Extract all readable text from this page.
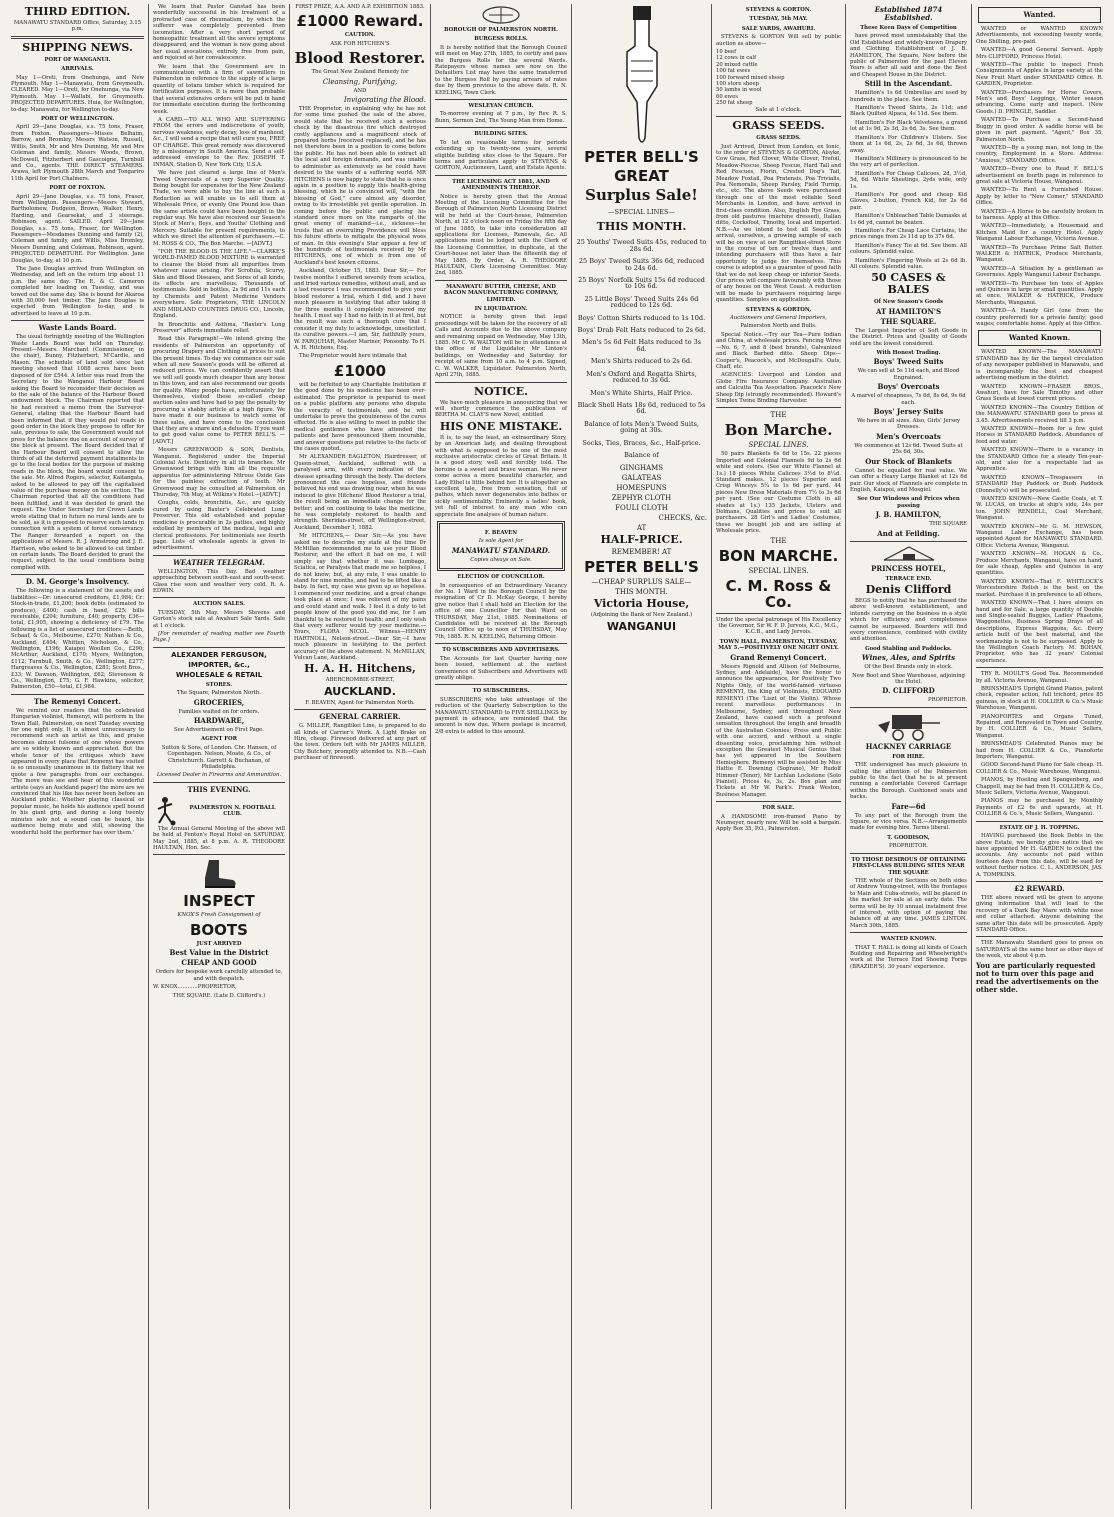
THIRD EDITION.

MANAWATU STANDARD Office, Saturday, 3.15 p.m.

SHIPPING NEWS.
PORT OF WANGANUI.
ARRIVALS.

May 1—Oreti, from Onehunga, and New Plymouth. May 1—Manawatu, from Greymouth. CLEARED. May 1—Oreti, for Onehunga, via New Plymouth. May 1—Wallabi, for Greymouth. PROJECTED DEPARTURES. Huia, for Wellington, to-day. Manawatu, for Wellington to-day.

PORT OF WELLINGTON.

April 29—Jane Douglas, s.s. 75 tons, Fraser, from Foxton. Passengers—Misses Belhaim, Barrow, and Bromley, Messrs Watson, Russell, Willis, Smith, Mr and Mrs Dunning, Mr and Mrs Coleman and family, Messrs Woods, Brown, McDowell, Fitzherbert and Gascoigne, Turnbull and Co., agents. THE DIRECT STEAMERS. Arawa, left Plymouth 28th March and Tongariro 11th April for Port Chalmers.

PORT OF FOXTON.

April 29—Jane Douglas, s.s. 75 tons, Fraser, from Wellington. Passengers—Messrs Stewart, Bartholomew, Dudgeon, Brown, Walker, Henry, Harding, and Gearsekat, and 3 steerage. Robinson, agent. SAILED. April 29—Jane Douglas, s.s. 75 tons, Fraser, for Wellington. Passengers—Mesdames Dunning and family (2), Coleman and family, and Willis, Miss Bromley, Messrs Dunning, and Coleman. Robinson, agent. PROJECTED DEPARTURE. For Wellington. Jane Douglas, to-day, at 10 p.m.

The Jane Douglas arrived from Wellington on Wednesday, and left on the return trip about 11 p.m. the same day. The E. & C. Cameron completed her loading on Tuesday, and was towed out the same day. She is bound for Akaroa with 30,000 feet timber. The Jane Douglas is expected from Wellington to-day, and is advertised to leave at 10 p.m.

Waste Lands Board.

The usual fortnightly meeting of the Wellington Waste Lands Board was held on Thursday. Present—Messrs. Marchant (Commissioner, in the chair), Bunny, Fitzherbert, M'Cardle, and Mason. The schedule of land sold since last meeting showed that 1088 acres have been disposed of for £544. A letter was read from the Secretary to the Wanganui Harbour Board asking the Board to reconsider their decision as to the sale of the balance of the Harbour Board endowment block. The Chairman reported that he had received a memo from the Surveyor-General, stating that the Harbour Board had been informed that if they would put roads in good order in the block they propose to offer for sale, previous to sale, the Government would not press for the balance due on account of survey of the block at present. The Board decided that if the Harbour Board will consent to allow the thirds of all the deferred payment instalments to go to the local bodies for the purpose of making roads in the block, the board would consent to the sale. Mr. Alfred Rogers, selector, Kaitangata, asked to be allowed to pay off the capitalised value of the purchase money on his section. The Chairman reported that all the conditions had been fulfilled, and it was decided to grant the request. The Under Secretary for Crown Lands wrote stating that in future no rural lands are to be sold, as it is proposed to reserve such lands in connection with a system of forest conservancy. The Ranger forwarded a report on the applications of Messrs. R. J. Armstrong and J. E. Harrison, who asked to be allowed to cut timber on certain lands. The Board decided to grant the request, subject to the usual conditions being complied with.

D. M. George's Insolvency.

The following is a statement of the assets and liabilities:—Dr: unsecured creditors, £1,984; Cr: Stock-in-trade, £1,200; book debts (estimated to produce), £400; cash in hand, £25; bills receivable, £204; furniture, £40; property, £36—total, £1,905, showing a deficiency of £79. The following is a list of unsecured creditors:—Beith, Schaaf, & Co., Melbourne, £270; Nathan & Co., Auckland, £404; Whitten, Nicholson, & Co., Wellington, £196; Kaiapoi Woollen Co., £290; McArthur, Auckland, £170; Myers, Wellington, £112; Turnbull, Smith, & Co., Wellington, £277; Hargreaves & Co., Wellington, £281; Scott Bros., £33; W. Dawson, Wellington, £62; Stevenson & Co., Wellington, £75; G. F. Hawkins, solicitor, Palmerston, £50—total, £1,984.

The Remenyi Concert.

We remind our readers that the celebrated Hungarian violinist, Remenyi, will perform in the Town Hall, Palmerston, on next Tuesday evening for one night only. It is almost unnecessary to recommend such an artist as this, and praise becomes almost fulsome of one whose powers are so widely known and appreciated. But the whole tenor of the critiques which have appeared in every place that Remenyi has visited is so unusually unanimous in its flattery that we quote a few paragraphs from our exchanges. 'The move was see and hear of this wonderful artiste (says an Auckland paper) the more are we convinced that his like has never been before an Auckland public. Whether playing classical or popular music, he holds his audience spell bound in his giant grip, and during a long twenty minutes solo not a sound can be heard, his audience being mute and still, showing the wonderful hold the performer has over them.'

We learn that Pastor Ganstad has been wonderfully successful in his treatment of a protracted case of rheumatism, by which the sufferer was completely prevented from locomotion. After a very short period of homeopathic treatment all the severe symptoms disappeared, and the woman is now going about her usual avocations, entirely free from pain, and rejoiced at her convalescence.

We learn that the Government are in communication with a firm of sawmillers in Palmerston in reference to the supply of a large quantity of totara timber which is required for fortification purposes. It is more than probable that several extensive orders will be put in hand for immediate execution during the forthcoming week.

A CARD.—TO ALL WHO ARE SUFFERING FROM the errors and indiscretions of youth, nervous weakness, early decay, loss of manhood, &c., I will send a recipe that will cure you, FREE OF CHARGE. This great remedy was discovered by a missionary in South America. Send a self-addressed envelope to the Rev. JOSEPH T. INMAN, Station D, New York City, U.S.A.

We have just cleared a large line of Men's Tweed Overcoats of a very Superior Quality. Being bought for expensive for the New Zealand Trade, we were able to buy the line at such a Reduction as will enable us to sell them at Wholesale Price, or evenly One Pound less than the same article could have been bought in the regular way. We have also received our Season's Stock of Men's, Boys, and Youths' Clothing and Mercery. Suitable for present requirements, to which we direct the attention of purchasers.—C. M. ROSS & CO., The Bon Marche. —[ADVT.]

"FOR THE BLOOD IS THE LIFE."—CLARKE'S WORLD-FAMED BLOOD MIXTURE is warranted to cleanse the blood from all impurities from whatever cause arising. For Scrofula, Scurvy, Skin and Blood Diseases, and Sores of all kinds, its effects are marvellous. Thousands of testimonials. Sold in bottles, 2s 9d and 11s each by Chemists and Patent Medicine Vendors everywhere. Sole Proprietors, THE LINCOLN AND MIDLAND COUNTIES DRUG CO., Lincoln, England.

In Bronchitis and Asthma, "Baxter's Lung Preserver" affords immediate relief.

Read this Paragraph!—We intend giving the residents of Palmerston an opportunity of procuring Drapery and Clothing at prices to suit the present times. To-day we commence our sale when all new Season's goods will be offered at reduced prices. We can confidently assert that we will sell goods much cheaper than any house in this town, and can also recommend our goods for quality. Many people have, unfortunately for themselves, visited these so-called cheap auction sales and have had to pay the penalty by procuring a shabby article at a high figure. We have made it our business to watch some of these sales, and have come to the conclusion that they are a snare and a delusion. If you want to get good value come to PETER BELL'S. —[ADVT.]

Messrs GREENWOOD & SON, Dentists, Wanganui. Registered under the Imperial Colonial Acts. Dentistry in all its branches. Mr Greenwood brings with him all the requisite apparatus for administering Nitrous Oxide Gas for the painless extraction of teeth. Mr Greenwood may be consulted at Palmerston on Thursday, 7th May, at Wilkins's Hotel.—[ADVT.]

Coughs, colds, bronchitis, &c., are quickly cured by using Baxter's Celebrated Lung Preserver. This old established and popular medicine is procurable in 2s patties, and highly extolled by members of the medical, legal and clerical professions. For testimonials see fourth page. Lists of wholesale agents is given in advertisement.

WEATHER TELEGRAM.

WELLINGTON, This Day. Bad weather approaching between south-east and south-west. Glass rise soon and weather very cold. R. A. EDWIN.

AUCTION SALES.

TUESDAY, 5th May. Messrs Stevens and Gorton's stock sale at Awahuri Sale Yards. Sale at 1 o'clock.

[For remainder of reading matter see Fourth Page.]

ALEXANDER FERGUSON,
IMPORTER, &c.,
WHOLESALE & RETAIL
STORES.

The Square, Palmerston North.

GROCERIES,

Families waited on for orders.

HARDWARE,

See Advertisement on First Page.

AGENT FOR

Sutton & Sons, of London. Chr. Hansen, of Copenhagen. Nelson, Moate, & Co., of Christchurch. Garrett & Buchanan, of Philadelphia.

Licensed Dealer in Firearms and Ammunition.

THIS EVENING.
PALMERSTON N. FOOTBALL CLUB.

The Annual General Meeting of the above will be held at Fenton's Royal Hotel on SATURDAY, May 2nd, 1885, at 8 p.m. A. R. THEODORE HAULTAIN, Hon. Sec.

INSPECT

KNOX'S Fresh Consignment of

BOOTS
JUST ARRIVED
Best Value in the District
CHEAP AND GOOD

Orders for bespoke work carefully attended to, and with despatch.

W. KNOX............PROPRIETOR,

THE SQUARE. (Late D. Clifford's.)

FIRST PRIZE, A.A. AND A.P. EXHIBITION 1883.

£1000 Reward.
CAUTION.

ASK FOR HITCHEN'S

Blood Restorer.

The Great New Zealand Remedy for

Cleansing, Purifying,

AND

Invigorating the Blood.

THE Proprietor, in explaining why he has not for some time pushed the sale of the above, would state that he received such a serious check by the disastrous fire which destroyed costly appliances and a magnificent stock of prepared herbs (received replaced), and he has not therefore been in a position to come before the public. He has not been able to extract all the local and foreign demands, and was unable to administer as extensively as he could have desired to the wants of a suffering world. MR HITCHENS is now happy to state that he is once again in a position to supply this health-giving blessing, which he is convinced will, "with the blessing of God," cure almost any disorder, owing to its irresistible yet gentle operation. In coming before the public and placing his standard once more on the ramparts of the great enemy of mankind—i.e., sickness—he trusts that an overruling Providence will bless his future efforts to mitigate the physical woes of man. In this evening's Star appear a few of the hundreds of testimonials received by Mr HITCHENS, one of which is from one of Auckland's best known citizens.

Auckland, October 15, 1883. Dear Sir,— For twelve months I suffered severely from sciatica, and tried various remedies, without avail, and as a last resource I was recommended to give your blood restorer a trial, which I did, and I have much pleasure in testifying that after taking it for three months it completely recovered my health. I must say I had no faith in it at first, but the result was such a thorough cure that I consider it my duty to acknowledge, unsolicited, its curative powers.—I am, Sir, faithfully yours, W. FARQUHAR, Master Mariner, Ponsonby. To H. A. H. Hitchens, Esq.

The Proprietor would here intimate that

£1000

will be forfeited to any Charitable Institution if the good done by his medicine has been over-estimated. The proprietor is prepared to meet on a public platform any persons who dispute the veracity of testimonials, and he will undertake to prove the genuineness of the cures effected. He is also willing to meet in public the medical gentlemen who have attended the patients and have pronounced them incurable, and answer questions put relative to the facts of the cases quoted.

Mr ALEXANDER EAGLETON, Hairdresser, of Queen-street, Auckland, suffered with a paralysed arm, with every indication of the disease spreading through the body. The doctors pronounced the case hopeless, and friends believed his end was drawing near, when he was induced to give Hitchens' Blood Restorer a trial, the result being an immediate change for the better; and on continuing to take the medicine, he was completely restored to health and strength. Sheridan-street, off Wellington-street, Auckland, December 1, 1882.

Mr HITCHENS,— Dear Sir,—As you have asked me to describe my state at the time Dr McMillan recommended me to use your Blood Restorer, and the effect it had on me, I will simply say that whether it was Lumbago, Sciatica, or Paralysis that made me so helpless, I do not know; but, at any rate, I was unable to stand for nine months, and had to be lifted like a baby. In fact, my case was given up as hopeless. I commenced your medicine, and a great change took place at once; I was relieved of my pains and could stand and walk. I feel it a duty to let people know of the good you did me, for I am thankful to be restored to health; and I only wish that every sufferer would try your medicine.—Yours, FLORA NICOL. Witness—HENRY HARTNOLL, Nelson-street.—Dear Sir,—I have much pleasure in testifying to the perfect accuracy of the above statement. N. McMILLAN, Vulcan Lane, Auckland.

H. A. H. Hitchens,

ABERCROMBIE-STREET,

AUCKLAND.

F. BEAVEN, Agent for Palmerston North.

GENERAL CARRIER.

G. MILLER, Rangitikei Line, is prepared to do all kinds of Carrier's Work. A Light Brake on Hire, cheap. Firewood delivered at any part of the town. Orders left with Mr JAMES MILLER, City Butchery, promptly attended to. N.B.—Cash purchaser of firewood.

BOROUGH OF PALMERSTON NORTH.
BURGESS ROLLS.

It is hereby notified that the Borough Council will meet on May 27th, 1885, to certify and pass the Burgess Rolls for the several Wards. Ratepayers whose names are now on the Defaulters List may have the same transferred to the Burgess Roll by paying arrears of rates due by them previous to the above date. R. N. KEELING, Town Clerk.

WESLEYAN CHURCH.

To-morrow evening at 7 p.m., by Rev. R. S. Bunn, Sermon 2nd, The Young Man from Home.

BUILDING SITES.

To let on reasonable terms for periods extending up to twenty-one years, several eligible building sites close to the Square. For terms and particulars apply to STEVENS & GORTON, Auctioneers, Land, and Estate Agents.

THE LICENSING ACT 1881, AND AMENDMENTS THEREOF.

Notice is hereby given that the Annual Meeting of the Licensing Committee for the Borough of Palmerston North Licensing District will be held at the Court-house, Palmerston North, at 12 o'clock noon on Friday the fifth day of June 1885, to take into consideration all applications for Licenses, Renewals, &c. All applications must be lodged with the Clerk of the Licensing Committee, in duplicate, at the Court-house not later than the fifteenth day of May 1885. By Order, A. R. THEODORE HAULTAIN, Clerk Licensing Committee. May 2nd, 1885.

MANAWATU BUTTER, CHEESE, AND BACON MANUFACTURING COMPANY, LIMITED.
IN LIQUIDATION.

NOTICE is hereby given that legal proceedings will be taken for the recovery of all Calls and Accounts due to the above company and remaining unpaid on Wednesday, May 13th, 1885. Mr C. W. WALTON will be in attendance at the office of the Liquidator, Mr Linton's buildings, on Wednesday and Saturday for receipt of same from 10 a.m. to 4 p.m. Signed, C. W. WALKER, Liquidator. Palmerston North, April 27th, 1885.

NOTICE.

We have much pleasure in announcing that we will shortly commence the publication of BERTHA M. CLAY'S new Novel, entitled

HIS ONE MISTAKE.

It is, to say the least, an extraordinary Story, by an American lady, and dealing throughout with what is supposed to be one of the most exclusive aristocratic circles of Great Britain. It is a good story, well and forcibly told. The heroine is a sweet and brave woman. We never come across a more beautiful character, and Lady Ethel is little behind her. It is altogether an excellent tale, free from sensation, full of pathos, which never degenerates into bathos or sickly sentimentality. Eminently a ladies' book, yet full of interest to any man who can appreciate fine analyses of human nature.

F. BEAVEN

Is sole Agent for

MANAWATU STANDARD.

Copies always on Sale.

ELECTION OF COUNCILLOR.

In consequence of an Extraordinary Vacancy for No. 1 Ward in the Borough Council by the resignation of Cr D. McKay George, I hereby give notice that I shall hold an Election for the office of one Councillor for that Ward on THURSDAY, May 21st, 1885. Nominations of Candidates will be received at the Borough Council Office up to noon of THURSDAY, May 7th, 1885. R. N. KEELING, Returning Officer.

TO SUBSCRIBERS AND ADVERTISERS.

The Accounts for last Quarter having now been issued, settlement at the earliest convenience of Subscribers and Advertisers will greatly oblige.

TO SUBSCRIBERS.

SUBSCRIBERS who take advantage of the reduction of the Quarterly Subscription to the MANAWATU STANDARD to FIVE SHILLINGS by payment in advance, are reminded that the amount is now due. Where postage is incurred, 2/8 extra is added to this amount.

PETER BELL'S
GREAT
Surplus Sale!
—SPECIAL LINES—
THIS MONTH.
25 Youths' Tweed Suits 45s, reduced to 28s 6d.
25 Boys' Tweed Suits 36s 6d, reduced to 24s 6d.
25 Boys' Norfolk Suits 15s 6d reduced to 10s 6d.
25 Little Boys' Tweed Suits 24s 6d reduced to 12s 6d.
Boys' Cotton Shirts reduced to 1s 10d.
Boys' Drab Felt Hats reduced to 2s 6d.
Men's 5s 6d Felt Hats reduced to 3s 6d.
Men's Shirts reduced to 2s 6d.
Men's Oxford and Regatta Shirts, reduced to 3s 6d.
Men's White Shirts, Half Price.
Black Shell Hats 18s 6d, reduced to 5s 6d.
Balance of lots Men's Tweed Suits, going at 30s.
Socks, Ties, Braces, &c., Half-price.
Balance of
GINGHAMS
GALATEAS
HOMESPUNS
ZEPHYR CLOTH
FOULI CLOTH
CHECKS, &c.
AT
HALF-PRICE.
REMEMBER! AT
PETER BELL'S
—CHEAP SURPLUS SALE—
THIS MONTH.
Victoria House,

(Adjoining the Bank of New Zealand.)

WANGANUI
STEVENS & GORTON.
TUESDAY, 5th MAY.
SALE YARDS, AWAHURI.

STEVENS & GORTON Will sell by public auction as above—

10 beef

12 cows in calf

20 mixed cattle

100 fat ewes

100 forward mixed sheep

100 store sheep

50 lambs in wool

60 ewes

250 fat sheep

Sale at 1 o'clock.

GRASS SEEDS.
GRASS SEEDS.

Just Arrived, Direct from London, ex Ionic, to the order of STEVENS & GORTON, Alsyke, Cow Grass, Red Clover, White Clover, Trefoil, Meadow-Fescue, Sheep Fescue, Hard Tall and Red Fescues, Fiorin, Crested Dog's Tail, Meadow Foxtail, Poa Pratensis, Poa Trivialis, Poa Nemoralis, Sheep Parsley, Field Turnip, etc., etc. The above Seeds were purchased through one of the most reliable Seed Merchants in London, and have arrived in first-class condition. Also, English Rye Grass, from old pastures (machine dressed), Italian ditto, Cocksfoot, Timothy, local and imported. N.B.—As we intend to test all Seeds, on arrival, ourselves, a growing sample of each will be on view at our Rangitikei-street Store in the course of ten or twelve days, and intending purchasers will thus have a fair opportunity to judge for themselves. This course is adopted as a guarantee of good faith that we do not keep cheap or inferior Seeds. Our prices will compare favourably with those of any house on the West Coast. A reduction will be made to purchasers requiring large quantities. Samples on application.

STEVENS & GORTON,

Auctioneers and General Importers,

Palmerston North and Bulls.

Special Notice.—Try our Tea—Pure Indian and China, at wholesale prices. Fencing Wires—No. 6, 7, and 8 (best brands), Galvanized and Black Barbed ditto. Sheep Dips—Cooper's, Peacock's, and McDougall's. Oats, Chaff, etc.

AGENCIES: Liverpool and London and Globe Fire Insurance Company. Australian and Calcutta Tea Association. Peacock's New Sheep Dip (strongly recommended). Howard's Simplex Twine Binding Harvester.

THE
Bon Marche.
SPECIAL LINES.

50 pairs Blankets 6s 6d to 15s. 22 pieces Imported and Colonial Flannels 9d to 2s 6d white and colors. (See our White Flannel at 1s.) 18 pieces White Calicoes 3½d to 8¼d. Standard makes. 12 pieces Superior and Crisp Winceys 5¼ to 1s 6d per yard. 44 pieces New Dress Materials from 7½ to 3s 6d per yard. (See our Costume Cloth in all shades at 1s.) 135 Jackets, Ulsters and Dolmans, Qualities and prices to suit all purchasers. 28 Girl's and Ladies' Costumes, these we bought job and are selling at Wholesale price.

THE
BON MARCHE.
SPECIAL LINES.
C. M. Ross & Co.

Under the special patronage of His Excellency the Governor, Sir W. F. D. Jervois, K.C., M.G., K.C.B., and Lady Jervois.

TOWN HALL, PALMERSTON, TUESDAY, MAY 5.—POSITIVELY ONE NIGHT ONLY.
Grand Remenyi Concert.

Messrs Rignold and Allison (of Melbourne, Sydney, and Adelaide), have the honor to announce the appearance, for Positively Two Nights Only, of the world-famed virtuoso REMENYI, the King of Violinists, EDOUARD REMENYI (The 'Liszt of the Violin). Whose recent marvellous performances in Melbourne, Sydney, and throughout New Zealand, have caused such a profound sensation throughout the length and breadth of the Australian Colonies; Press and Public with one accord, and without a single dissenting voice, proclaiming him without exception the Greatest Musical Genius that has yet appeared in the Southern Hemisphere. Remenyi will be assisted by Miss Hattie E. Downing (Soprano), Mr Rudolf Himmer (Tenor), Mr Lachlan Lockstone (Solo Pianist). Prices 4s, 3s, 2s. Box plan and Tickets at Mr W. Park's. Frank Weston, Business Manager.

FOR SALE.

A HANDSOME iron-framed Piano by Neumeyer, nearly new. Will be sold a bargain. Apply Box 35, P.O., Palmerston.

Established 1874 Established.
These Keen Days of Competition

have proved most unmistakably that the Old Established and widely-known Drapery and Clothing Establishment of J. B. HAMILTON, The Square, Now before the public of Palmerston for the past Eleven Years is after all said and done the Best and Cheapest House in the District.

Still in the Ascendant.

Hamilton's 1s 6d Umbrellas are used by hundreds in the place. See them.

Hamilton's Tweed Shirts, 2s 11d; and Black Quilted Alpaca, 4s 11d. See them.

Hamilton's For Black Velveteens, a grand lot at 1s 9d, 2s 3d, 2s 6d, 3s. See them.

Hamilton's For Children's Ulsters. See them at 1s 6d, 2s, 2s 6d, 3s 6d, thrown away.

Hamilton's Millinery is pronounced to be the very art of perfection.

Hamilton's For Cheap Calicoes, 2d, 3½d, 5d, 6d. White Sheetings, 2yds wide, only 1s.

Hamilton's For good and cheap Kid Gloves, 2-button, French Kid, for 2s 6d pair.

Hamilton's Unbleached Table Damasks at 1s 6d yd, cannot be beaten.

Hamilton's For Cheap Lace Curtains, the prices range from 2s 11d up to 37s 6d.

Hamilton's Fancy Tie at 6d. See them. All colours. Splendid value.

Hamilton's Fingering Wools at 2s 6d lb. All colours. Splendid value.

50 CASES & BALES
Of New Season's Goods
AT HAMILTON'S
THE SQUARE.

The Largest Importer of Soft Goods in the District. Prices and Quality of Goods sold are the lowest considered.

With Honest Trading.
Boys' Tweed Suits

We can sell at 5s 11d each, and Blood Engrained.

Boys' Overcoats

A marvel of cheapness, 7s 6d, 8s 6d, 9s 6d each.

Boys' Jersey Suits

We have in all sizes. Also, Girls' Jersey Dresses.

Men's Overcoats

We commence at 12s 6d. Tweed Suits at 25s 6d, 30s.

Our Stock of Blankets

Cannot be equalled for real value. We can offer a Heavy Large Blanket at 12s 6d pair. Our stock of Flannels are complete in English, Kaiapoi, and Mosgiel.

See Our Windows and Prices when passing
J. B. HAMILTON,

THE SQUARE

And at Feilding.
PRINCESS HOTEL,
TERRACE END.
Denis Clifford

BEGS to notify that he has purchased the above well-known establishment, and intends carrying on the business in a style which for efficiency and completeness cannot be surpassed. Boarders will find every convenience, combined with civility and attention.

Good Stabling and Paddocks.
Wines, Ales, and Spirits

Of the Best Brands only in stock.

New Boot and Shoe Warehouse, adjoining the Hotel.

D. CLIFFORD

PROPRIETOR.

HACKNEY CARRIAGE
FOR HIRE.

THE undersigned has much pleasure in calling the attention of the Palmerston public to the fact that he is at present running a comfortable Covered Carriage within the Borough. Cushioned seats and backs.

Fare—6d

To any part of the Borough from the Square, or vice versa. N.B.—Arrangements made for evening hire. Terms liberal.

T. GOODISON,

PROPRIETOR.

TO THOSE DESIROUS OF OBTAINING FIRST-CLASS BUILDING SITES NEAR THE SQUARE

THE whole of the Sections on both sides of Andrew Young-street, with the frontages to Main and Cuba-streets, will be placed in the market for sale at an early date. The terms will be by 10 annual instalment free of interest, with option of paying the balance off at any time. JAMES LINTON. March 30th, 1885.

WANTED KNOWN.

THAT T. HALL is doing all kinds of Coach Building and Repairing and Wheelwright's work at the Terrace End Shoeing Forge (BRAZIER'S). 30 years' experience.

Wanted.

WANTED or WANTED KNOWN Advertisements, not exceeding twenty words, One Shilling, pre-paid.

WANTED—A good General Servant. Apply Mrs CLIFFORD, Princess Hotel.

WANTED—The public to inspect Fresh Consignments of Apples in large variety at the New Fruit Mart under STANDARD Office. R. GARDEN, Proprietor.

WANTED—Purchasers for Horse Covers, Men's and Boys' Leggings, Winter season advancing. Come early and inspect. (New Goods.) D. PRINGLE, Saddler.

WANTED—To Purchase a Second-hand Buggy in good order. A saddle horse will be given in part payment. "Agent," Box 35, Palmerston North.

WANTED—By a young man, not long in the country, Employment in a Store. Address: "Anxious," STANDARD Office.

WANTED—Every one to Read F. BELL'S advertisement on fourth page in reference to great sale at Victoria House, Wanganui.

WANTED—To Rent a Furnished House. Apply by letter to "New Comer," STANDARD Office.

WANTED—A Horse to be carefully broken in to harness. Apply at this Office.

WANTED—Immediately, a Housemaid and Kitchen Maid for a country Hotel. Apply Wanganui Labour Exchange, Victoria Avenue.

WANTED—To Purchase Prime Salt Butter. WALKER & HATRICK, Produce Merchants, Wanganui.

WANTED—A Situation by a gentleman as Governess. Apply Wanganui Labour Exchange.

WANTED—To Purchase ten tons of Apples and Quinces in large or small quantities. Apply at once. WALKER & HATRICK, Produce Merchants, Wanganui.

WANTED—A Handy Girl (one from the country preferred) for a private family; good wages; comfortable home. Apply at this Office.

Wanted Known.

WANTED KNOWN—The MANAWATU STANDARD has by far the largest circulation of any newspaper published in Manawatu, and is incomparably the best and cheapest advertising medium in the district.

WANTED KNOWN—FRASER BROS., Awahuri, have for Sale Timothy and other Grass Seeds at lowest current prices.

WANTED KNOWN—The Country Edition of the MANAWATU STANDARD goes to press at 3.45. Advertisements received till 3 p.m.

WANTED KNOWN—Room for a few quiet Horses in STANDARD Paddock. Abundance of feed and water.

WANTED KNOWN—There is a vacancy in the STANDARD Office for a steady Ten-year-old, and also for a respectable lad as Apprentice.

WANTED KNOWN—Trespassers in STANDARD Hay Paddock or Bush Paddock (Donnelly's) will be prosecuted.

WANTED KNOWN—New Castle Coals, at T. W. LUCAS, on trucks at ship's side, 24s per ton. JOHN RENDELL, Coal Merchant, Wanganui.

WANTED KNOWN—Mr G. M. HEWSON, Wanganui Labor Exchange, has been appointed Agent for MANAWATU STANDARD. Office: Victoria Avenue, Wanganui.

WANTED KNOWN—M. HOGAN & Co., Produce Merchants, Wanganui, have on hand, for sale cheap, Apples and Quinces in any quantities.

WANTED KNOWN—That F. WHITLOCK'S Worcestershire Relish is the best on the market. Purchase it in preference to all others.

WANTED KNOWN—That I have always on hand and for Sale, a large quantity of Double and Single-seated Buggies, Ladies' Phaetons, Waggonettes, Business Spring Drays of all descriptions, Express Waggons, &c. Every article built of the best material, and the workmanship is not to be surpassed. Apply to the Wellington Coach Factory. M. BOHAN, Proprietor, who has 32 years' Colonial experience.

TRY R. MOULT'S Good Tea. Recommended by all. Victoria Avenue, Wanganui.

BRINSMEAD'S Upright Grand Pianos, patent check, repeater action, full trichord, price 85 guineas, in stock at H. COLLIER & Co.'s Music Warehouse, Wanganui.

PIANOFORTES and Organs Tuned, Repaired, and Renovated in Town and Country, by H. COLLIER & Co., Music Sellers, Wanganui.

BRINSMEAD'S Celebrated Pianos may be had from H. COLLIER & Co., Pianoforte Importers, Wanganui.

GOOD Second-hand Piano for Sale cheap. H. COLLIER & Co., Music Warehouse, Wanganui.

PIANOS, by Hoeling and Spangenberg, and Chappell, may be had from H. COLLIER & Co., Music Sellers, Victoria Avenue, Wanganui.

PIANOS may be purchased by Monthly Payments of £2 6s and upwards, at H. COLLIER & Co.'s, Music Sellers, Wanganui.

ESTATE OF J. H. TOPPING.

HAVING purchased the Book Debts in the above Estate, we hereby give notice that we have appointed Mr H. GARDEN to collect the accounts. Any accounts not paid within fourteen days from this date, will be sued for without further notice. C. L. ANDERSON, JAS. A. TOMPKINS.

£2 REWARD.

THE above reward will be given to anyone giving information that will lead to the recovery of a Dark Bay Mare with white nose and collar attached. Anyone detaining the same after this date will be prosecuted. Apply STANDARD Office.

THE Manawatu Standard goes to press on SATURDAYS at the same hour as other days of the week, viz about 4 p.m.

You are particularly requested not to turn over this page and read the advertisements on the other side.
